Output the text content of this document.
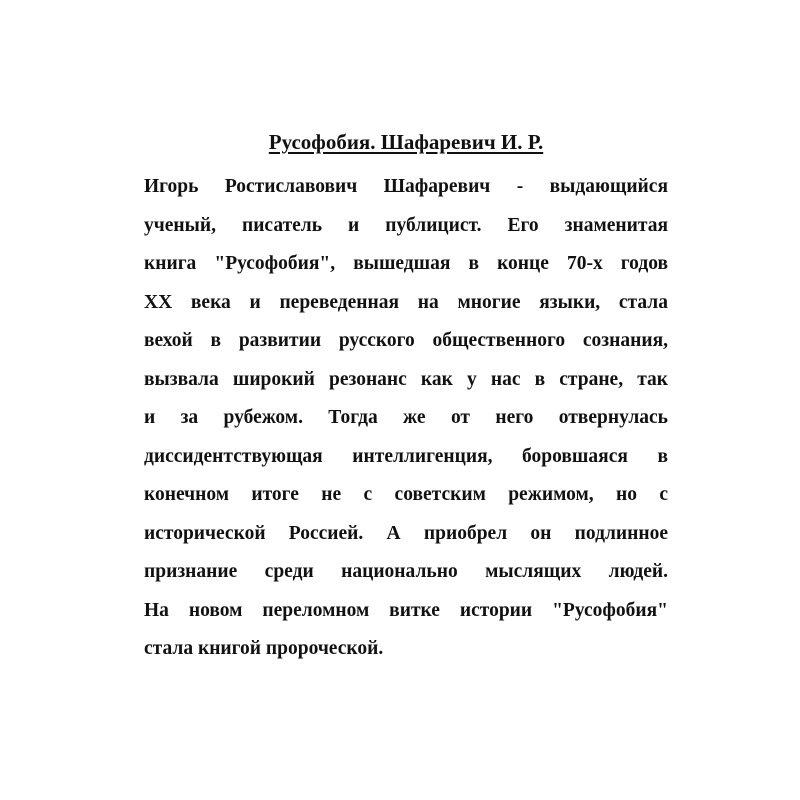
Русофобия. Шафаревич И. Р.
Игорь Ростиславович Шафаревич - выдающийся
ученый, писатель и публицист. Его знаменитая
книга "Русофобия", вышедшая в конце 70-х годов
XX века и переведенная на многие языки, стала
вехой в развитии русского общественного сознания,
вызвала широкий резонанс как у нас в стране, так
и за рубежом. Тогда же от него отвернулась
диссидентствующая интеллигенция, боровшаяся в
конечном итоге не с советским режимом, но с
исторической Россией. А приобрел он подлинное
признание среди национально мыслящих людей.
На новом переломном витке истории "Русофобия"
стала книгой пророческой.
